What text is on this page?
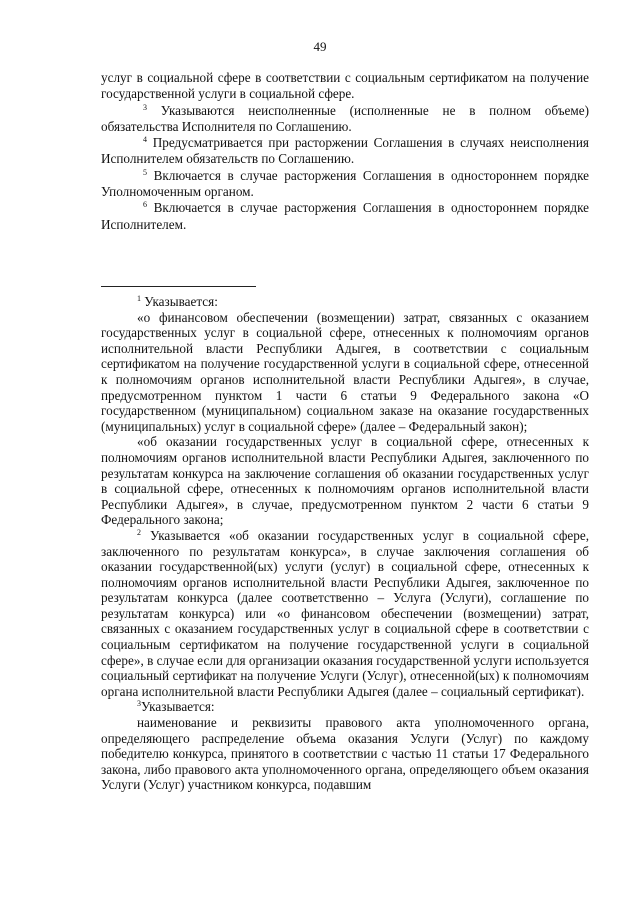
49

услуг в социальной сфере в соответствии с социальным сертификатом на получение государственной услуги в социальной сфере.

$^3$ Указываются неисполненные (исполненные не в полном объеме) обязательства Исполнителя по Соглашению.

$^4$ Предусматривается при расторжении Соглашения в случаях неисполнения Исполнителем обязательств по Соглашению.

$^5$ Включается в случае расторжения Соглашения в одностороннем порядке Уполномоченным органом.

$^6$ Включается в случае расторжения Соглашения в одностороннем порядке Исполнителем.

$^1$ Указывается:

«о финансовом обеспечении (возмещении) затрат, связанных с оказанием государственных услуг в социальной сфере, отнесенных к полномочиям органов исполнительной власти Республики Адыгея, в соответствии с социальным сертификатом на получение государственной услуги в социальной сфере, отнесенной к полномочиям органов исполнительной власти Республики Адыгея», в случае, предусмотренном пунктом 1 части 6 статьи 9 Федерального закона «О государственном (муниципальном) социальном заказе на оказание государственных (муниципальных) услуг в социальной сфере» (далее – Федеральный закон);

«об оказании государственных услуг в социальной сфере, отнесенных к полномочиям органов исполнительной власти Республики Адыгея, заключенного по результатам конкурса на заключение соглашения об оказании государственных услуг в социальной сфере, отнесенных к полномочиям органов исполнительной власти Республики Адыгея», в случае, предусмотренном пунктом 2 части 6 статьи 9 Федерального закона;

$^2$ Указывается «об оказании государственных услуг в социальной сфере, заключенного по результатам конкурса», в случае заключения соглашения об оказании государственной(ых) услуги (услуг) в социальной сфере, отнесенных к полномочиям органов исполнительной власти Республики Адыгея, заключенное по результатам конкурса (далее соответственно – Услуга (Услуги), соглашение по результатам конкурса) или «о финансовом обеспечении (возмещении) затрат, связанных с оказанием государственных услуг в социальной сфере в соответствии с социальным сертификатом на получение государственной услуги в социальной сфере», в случае если для организации оказания государственной услуги используется социальный сертификат на получение Услуги (Услуг), отнесенной(ых) к полномочиям органа исполнительной власти Республики Адыгея (далее – социальный сертификат).

$^3$Указывается:

наименование и реквизиты правового акта уполномоченного органа, определяющего распределение объема оказания Услуги (Услуг) по каждому победителю конкурса, принятого в соответствии с частью 11 статьи 17 Федерального закона, либо правового акта уполномоченного органа, определяющего объем оказания Услуги (Услуг) участником конкурса, подавшим
